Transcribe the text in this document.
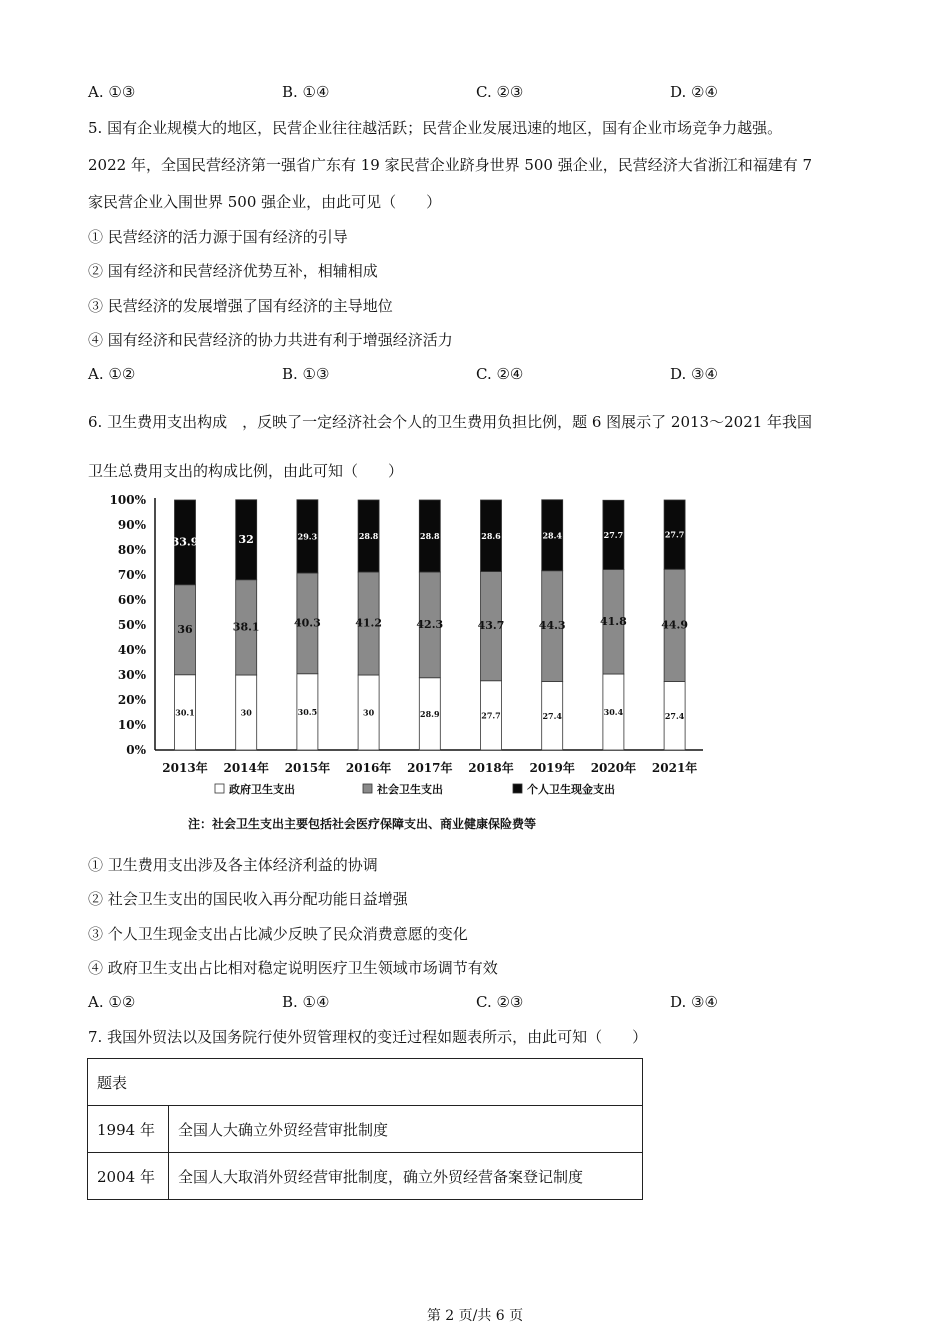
A. ①③	B. ①④	C. ②③	D. ②④
5. 国有企业规模大的地区，民营企业往往越活跃；民营企业发展迅速的地区，国有企业市场竞争力越强。
2022 年，全国民营经济第一强省广东有 19 家民营企业跻身世界 500 强企业，民营经济大省浙江和福建有 7
家民营企业入围世界 500 强企业，由此可见（　　）
① 民营经济的活力源于国有经济的引导
② 国有经济和民营经济优势互补，相辅相成
③ 民营经济的发展增强了国有经济的主导地位
④ 国有经济和民营经济的协力共进有利于增强经济活力
A. ①②	B. ①③	C. ②④	D. ③④
6. 卫生费用支出构成　，反映了一定经济社会个人的卫生费用负担比例，题 6 图展示了 2013～2021 年我国
卫生总费用支出的构成比例，由此可知（　　）
0%
10%
20%
30%
40%
50%
60%
70%
80%
90%
100%
30.1
36
33.9
2013年
30
38.1
32
2014年
30.5
40.3
29.3
2015年
30
41.2
28.8
2016年
28.9
42.3
28.8
2017年
27.7
43.7
28.6
2018年
27.4
44.3
28.4
2019年
30.4
41.8
27.7
2020年
27.4
44.9
27.7
2021年
政府卫生支出	社会卫生支出	个人卫生现金支出
注：社会卫生支出主要包括社会医疗保障支出、商业健康保险费等
① 卫生费用支出涉及各主体经济利益的协调
② 社会卫生支出的国民收入再分配功能日益增强
③ 个人卫生现金支出占比减少反映了民众消费意愿的变化
④ 政府卫生支出占比相对稳定说明医疗卫生领域市场调节有效
A. ①②	B. ①④	C. ②③	D. ③④
7. 我国外贸法以及国务院行使外贸管理权的变迁过程如题表所示，由此可知（　　）
题表	
1994 年	全国人大确立外贸经营审批制度
2004 年	全国人大取消外贸经营审批制度，确立外贸经营备案登记制度
第 2 页/共 6 页
